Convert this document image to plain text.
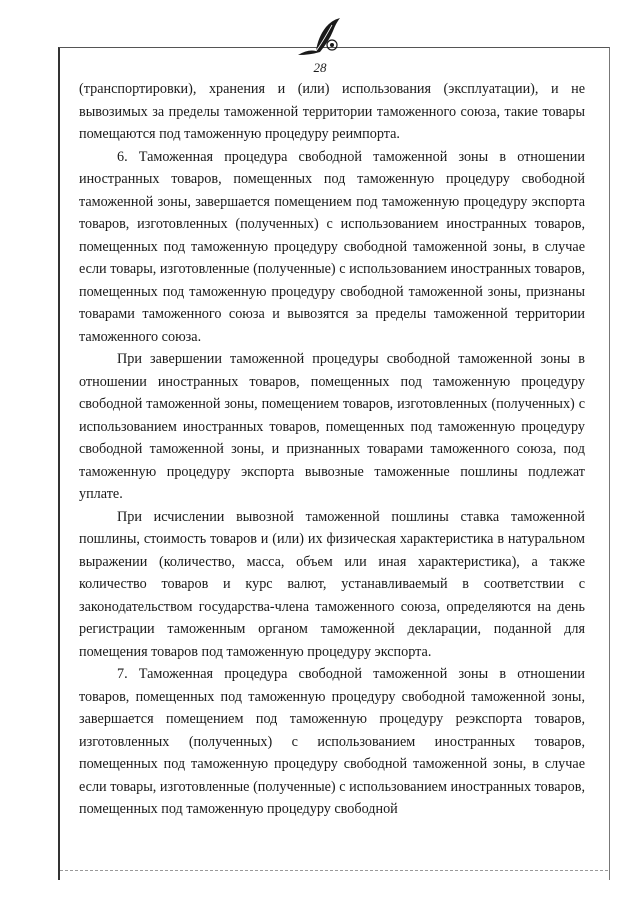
28

(транспортировки), хранения и (или) использования (эксплуатации), и не вывозимых за пределы таможенной территории таможенного союза, такие товары помещаются под таможенную процедуру реимпорта.

6. Таможенная процедура свободной таможенной зоны в отношении иностранных товаров, помещенных под таможенную процедуру свободной таможенной зоны, завершается помещением под таможенную процедуру экспорта товаров, изготовленных (полученных) с использованием иностранных товаров, помещенных под таможенную процедуру свободной таможенной зоны, в случае если товары, изготовленные (полученные) с использованием иностранных товаров, помещенных под таможенную процедуру свободной таможенной зоны, признаны товарами таможенного союза и вывозятся за пределы таможенной территории таможенного союза.

При завершении таможенной процедуры свободной таможенной зоны в отношении иностранных товаров, помещенных под таможенную процедуру свободной таможенной зоны, помещением товаров, изготовленных (полученных) с использованием иностранных товаров, помещенных под таможенную процедуру свободной таможенной зоны, и признанных товарами таможенного союза, под таможенную процедуру экспорта вывозные таможенные пошлины подлежат уплате.

При исчислении вывозной таможенной пошлины ставка таможенной пошлины, стоимость товаров и (или) их физическая характеристика в натуральном выражении (количество, масса, объем или иная характеристика), а также количество товаров и курс валют, устанавливаемый в соответствии с законодательством государства-члена таможенного союза, определяются на день регистрации таможенным органом таможенной декларации, поданной для помещения товаров под таможенную процедуру экспорта.

7. Таможенная процедура свободной таможенной зоны в отношении товаров, помещенных под таможенную процедуру свободной таможенной зоны, завершается помещением под таможенную процедуру реэкспорта товаров, изготовленных (полученных) с использованием иностранных товаров, помещенных под таможенную процедуру свободной таможенной зоны, в случае если товары, изготовленные (полученные) с использованием иностранных товаров, помещенных под таможенную процедуру свободной
